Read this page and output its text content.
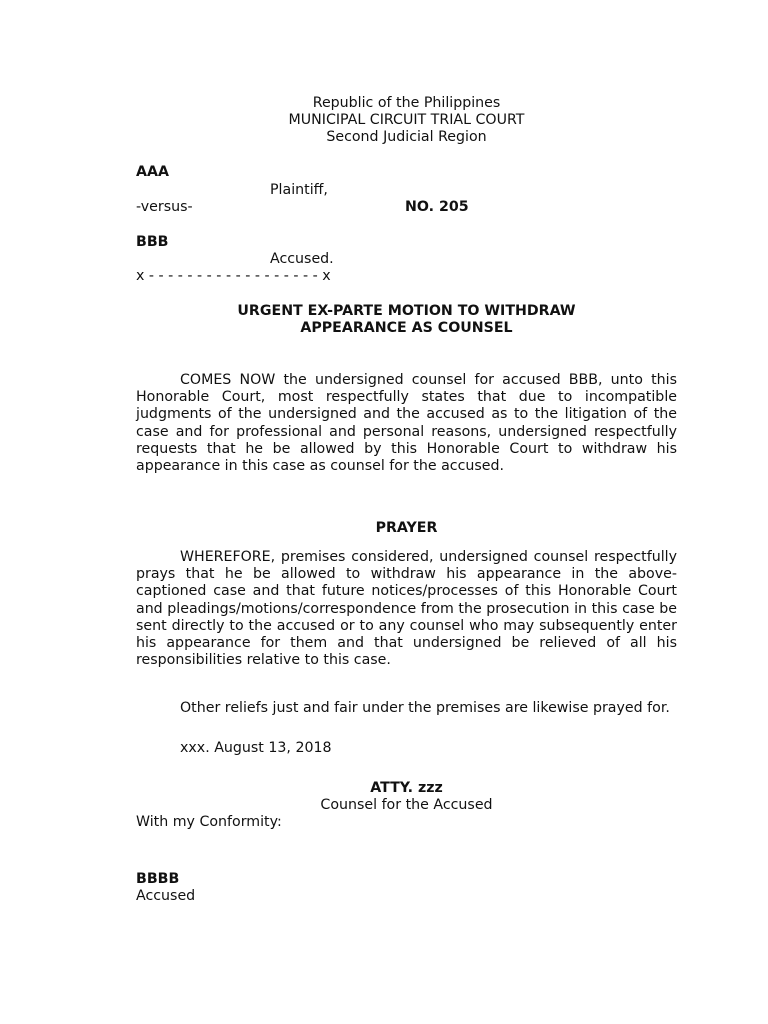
Republic of the Philippines
MUNICIPAL CIRCUIT TRIAL COURT
Second Judicial Region
AAA
Plaintiff,
-versus-	NO. 205
BBB
Accused.
x - - - - - - - - - - - - - - - - - - x
URGENT EX-PARTE MOTION TO WITHDRAW
APPEARANCE AS COUNSEL

COMES NOW the undersigned counsel for accused BBB, unto this Honorable Court, most respectfully states that due to incompatible judgments of the undersigned and the accused as to the litigation of the case and for professional and personal reasons, undersigned respectfully requests that he be allowed by this Honorable Court to withdraw his appearance in this case as counsel for the accused.

PRAYER

WHEREFORE, premises considered, undersigned counsel respectfully prays that he be allowed to withdraw his appearance in the above-captioned case and that future notices/processes of this Honorable Court and pleadings/motions/correspondence from the prosecution in this case be sent directly to the accused or to any counsel who may subsequently enter his appearance for them and that undersigned be relieved of all his responsibilities relative to this case.

Other reliefs just and fair under the premises are likewise prayed for.

xxx. August 13, 2018
ATTY. zzz
Counsel for the Accused
With my Conformity:
BBBB
Accused
